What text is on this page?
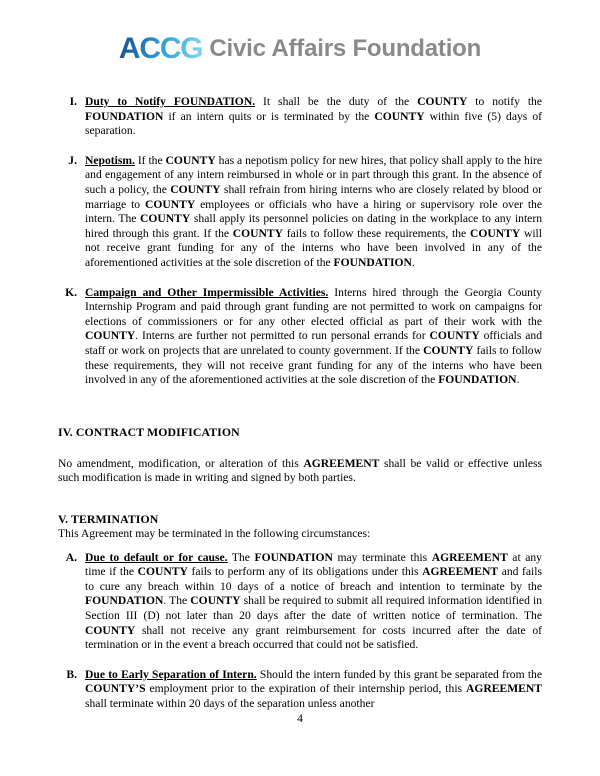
ACCG Civic Affairs Foundation
I. Duty to Notify FOUNDATION. It shall be the duty of the COUNTY to notify the FOUNDATION if an intern quits or is terminated by the COUNTY within five (5) days of separation.
J. Nepotism. If the COUNTY has a nepotism policy for new hires, that policy shall apply to the hire and engagement of any intern reimbursed in whole or in part through this grant. In the absence of such a policy, the COUNTY shall refrain from hiring interns who are closely related by blood or marriage to COUNTY employees or officials who have a hiring or supervisory role over the intern. The COUNTY shall apply its personnel policies on dating in the workplace to any intern hired through this grant. If the COUNTY fails to follow these requirements, the COUNTY will not receive grant funding for any of the interns who have been involved in any of the aforementioned activities at the sole discretion of the FOUNDATION.
K. Campaign and Other Impermissible Activities. Interns hired through the Georgia County Internship Program and paid through grant funding are not permitted to work on campaigns for elections of commissioners or for any other elected official as part of their work with the COUNTY. Interns are further not permitted to run personal errands for COUNTY officials and staff or work on projects that are unrelated to county government. If the COUNTY fails to follow these requirements, they will not receive grant funding for any of the interns who have been involved in any of the aforementioned activities at the sole discretion of the FOUNDATION.
IV. CONTRACT MODIFICATION

No amendment, modification, or alteration of this AGREEMENT shall be valid or effective unless such modification is made in writing and signed by both parties.

V. TERMINATION

This Agreement may be terminated in the following circumstances:

A. Due to default or for cause. The FOUNDATION may terminate this AGREEMENT at any time if the COUNTY fails to perform any of its obligations under this AGREEMENT and fails to cure any breach within 10 days of a notice of breach and intention to terminate by the FOUNDATION. The COUNTY shall be required to submit all required information identified in Section III (D) not later than 20 days after the date of written notice of termination. The COUNTY shall not receive any grant reimbursement for costs incurred after the date of termination or in the event a breach occurred that could not be satisfied.
B. Due to Early Separation of Intern. Should the intern funded by this grant be separated from the COUNTY’S employment prior to the expiration of their internship period, this AGREEMENT shall terminate within 20 days of the separation unless another
4
